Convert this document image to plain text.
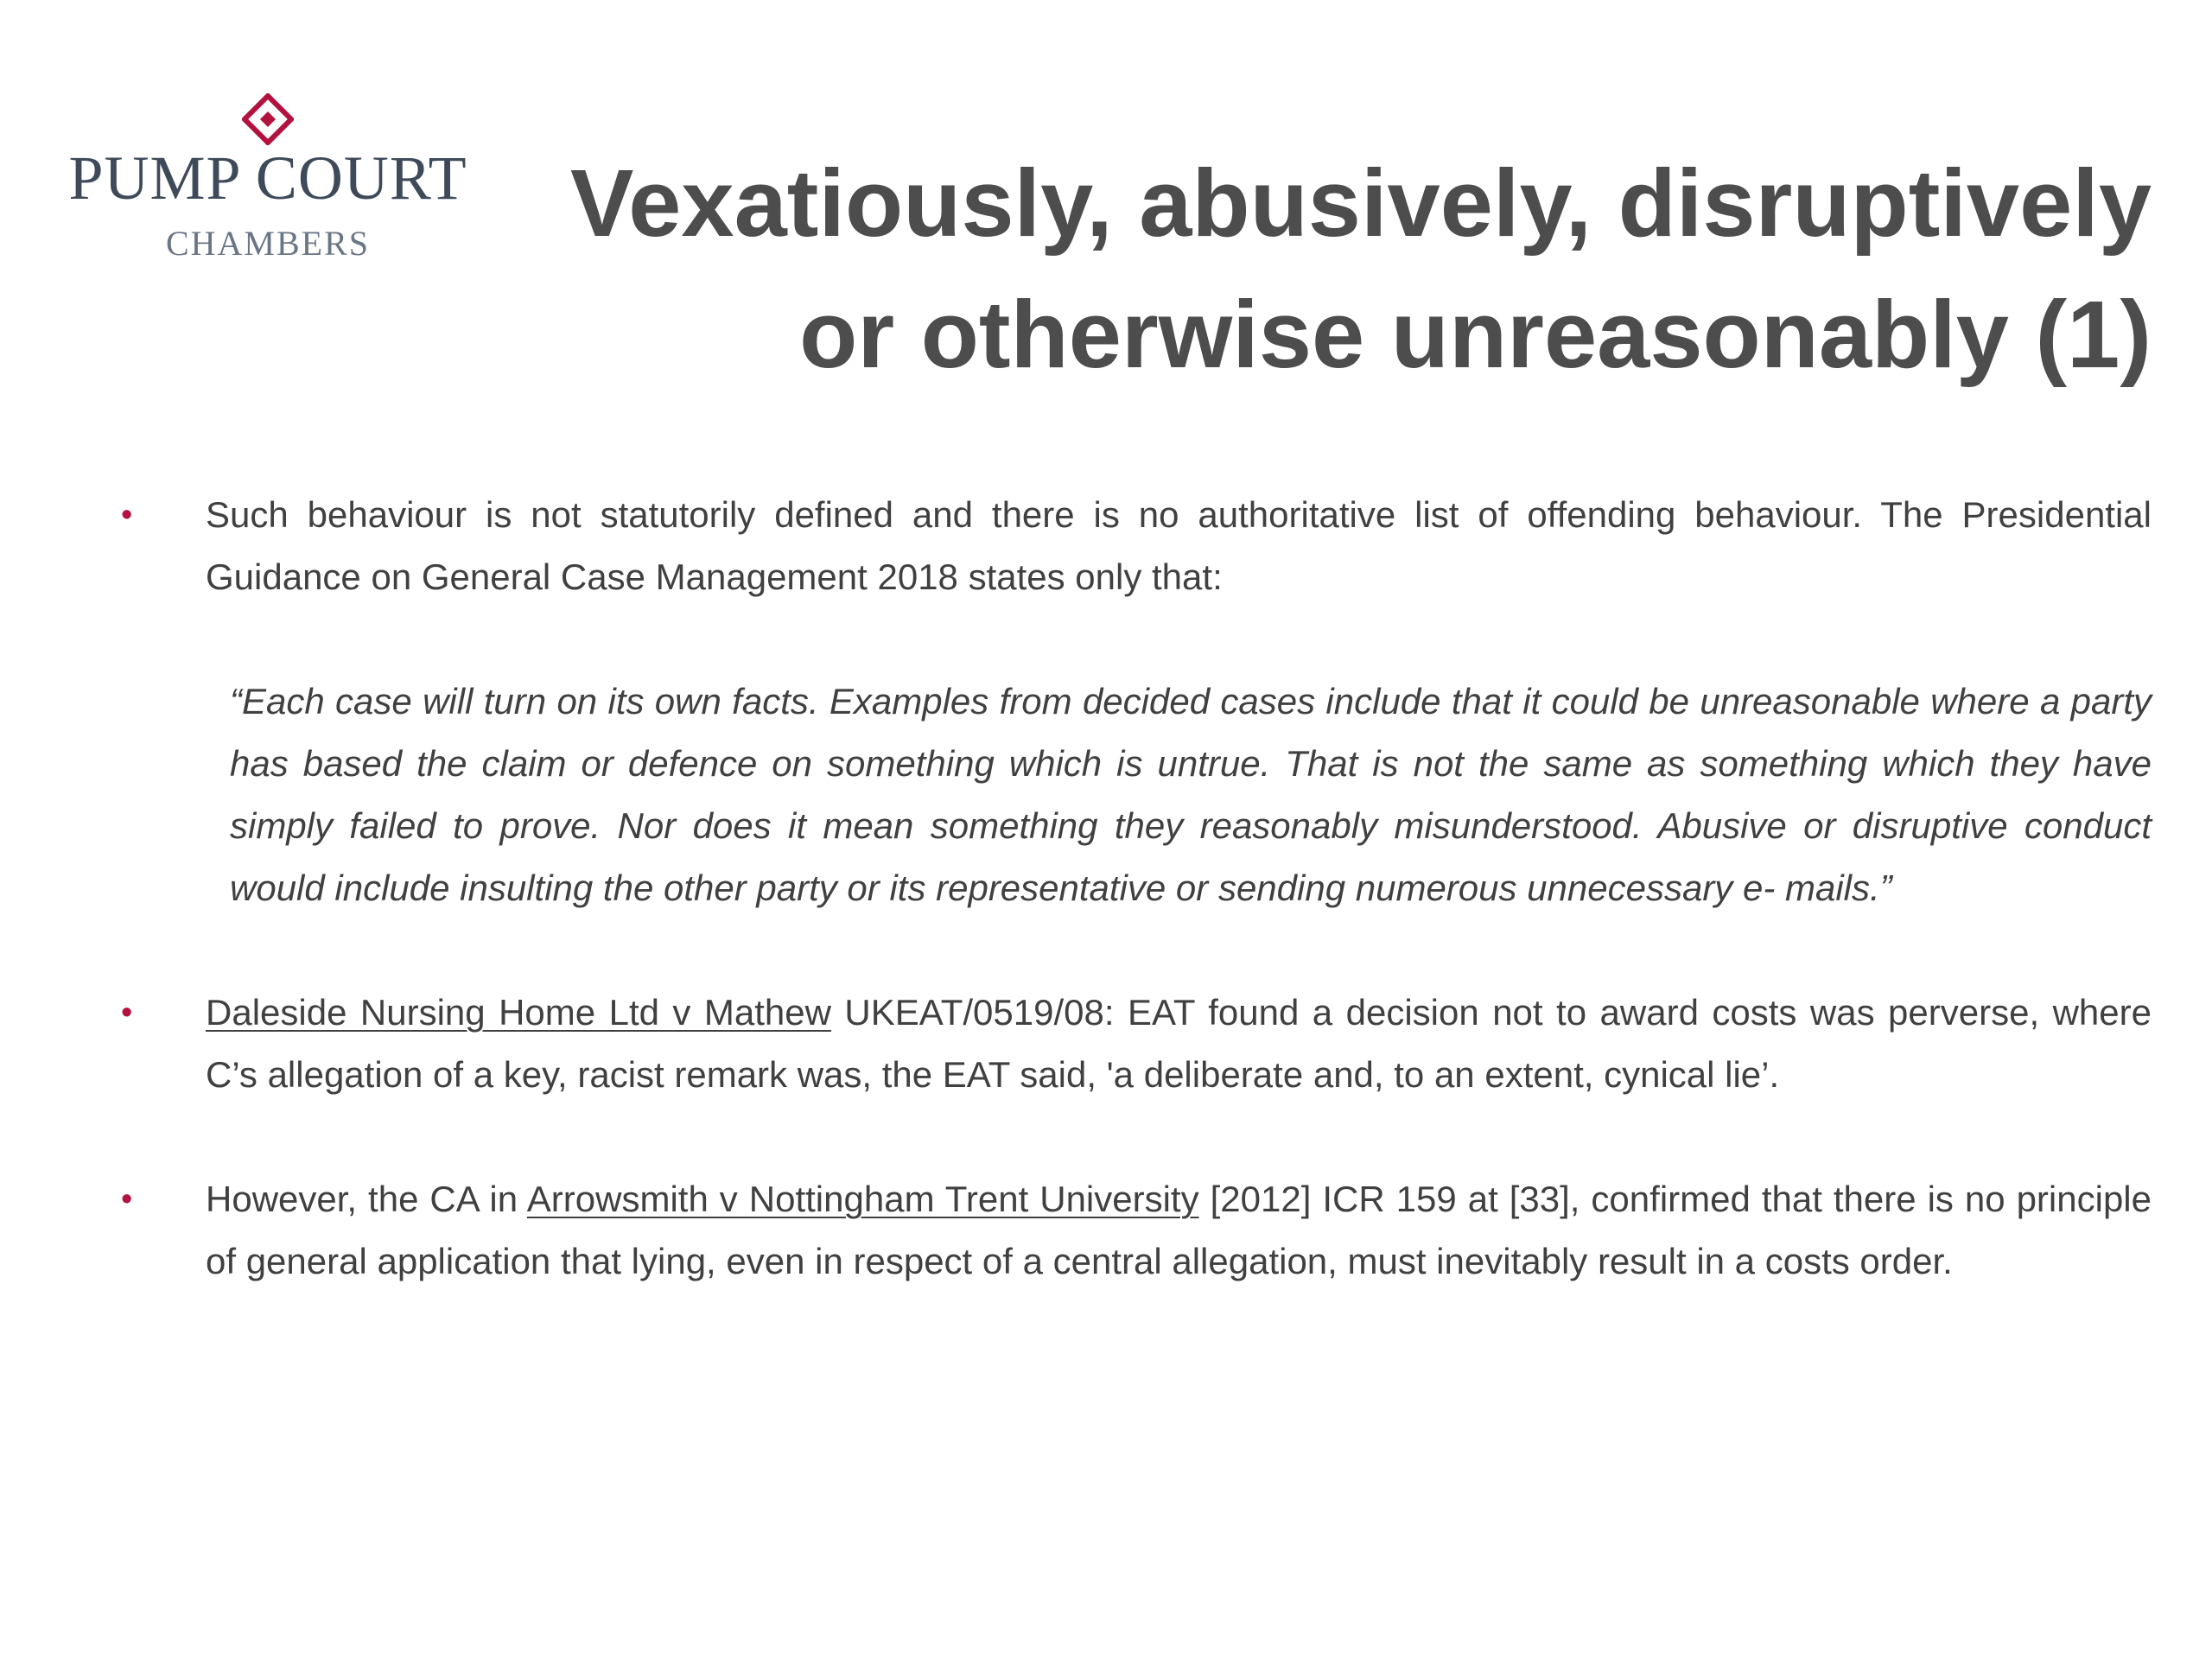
PUMP COURT
CHAMBERS	Vexatiously, abusively, disruptively
or otherwise unreasonably (1)
•	Such behaviour is not statutorily defined and there is no authoritative list of offending behaviour. The Presidential Guidance on General Case Management 2018 states only that:
“Each case will turn on its own facts. Examples from decided cases include that it could be unreasonable where a party has based the claim or defence on something which is untrue. That is not the same as something which they have simply failed to prove. Nor does it mean something they reasonably misunderstood. Abusive or disruptive conduct would include insulting the other party or its representative or sending numerous unnecessary e- mails.”
•	Daleside Nursing Home Ltd v Mathew UKEAT/0519/08: EAT found a decision not to award costs was perverse, where C’s allegation of a key, racist remark was, the EAT said, 'a deliberate and, to an extent, cynical lie’.
•	However, the CA in Arrowsmith v Nottingham Trent University [2012] ICR 159 at [33], confirmed that there is no principle of general application that lying, even in respect of a central allegation, must inevitably result in a costs order.
